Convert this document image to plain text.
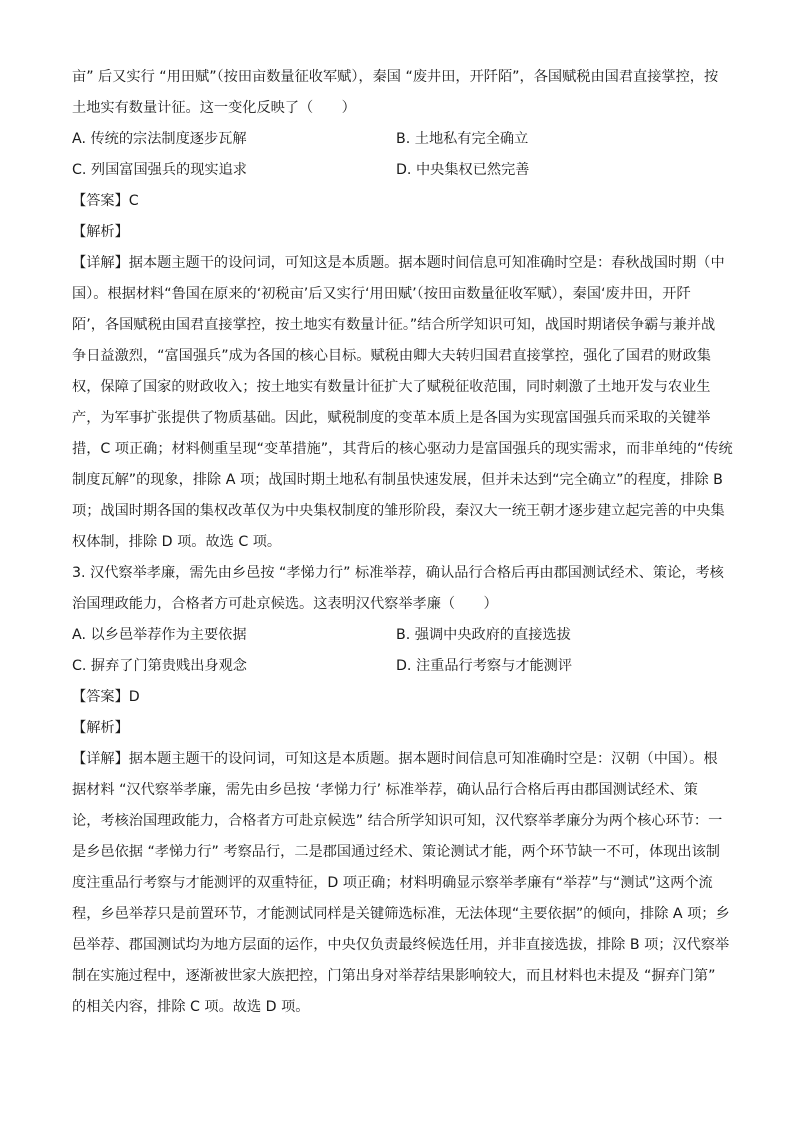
亩” 后又实行 “用田赋”（按田亩数量征收军赋），秦国 “废井田，开阡陌”，各国赋税由国君直接掌控，按
土地实有数量计征。这一变化反映了（　　）
A. 传统的宗法制度逐步瓦解	B. 土地私有完全确立
C. 列国富国强兵的现实追求	D. 中央集权已然完善
【答案】C
【解析】
【详解】据本题主题干的设问词，可知这是本质题。据本题时间信息可知准确时空是：春秋战国时期（中
国）。根据材料“鲁国在原来的‘初税亩’后又实行‘用田赋’（按田亩数量征收军赋），秦国‘废井田，开阡
陌’，各国赋税由国君直接掌控，按土地实有数量计征。”结合所学知识可知，战国时期诸侯争霸与兼并战
争日益激烈，“富国强兵”成为各国的核心目标。赋税由卿大夫转归国君直接掌控，强化了国君的财政集
权，保障了国家的财政收入；按土地实有数量计征扩大了赋税征收范围，同时刺激了土地开发与农业生
产，为军事扩张提供了物质基础。因此，赋税制度的变革本质上是各国为实现富国强兵而采取的关键举
措，C 项正确；材料侧重呈现“变革措施”，其背后的核心驱动力是富国强兵的现实需求，而非单纯的“传统
制度瓦解”的现象，排除 A 项；战国时期土地私有制虽快速发展，但并未达到“完全确立”的程度，排除 B
项；战国时期各国的集权改革仅为中央集权制度的雏形阶段，秦汉大一统王朝才逐步建立起完善的中央集
权体制，排除 D 项。故选 C 项。
3. 汉代察举孝廉，需先由乡邑按 “孝悌力行” 标准举荐，确认品行合格后再由郡国测试经术、策论，考核
治国理政能力，合格者方可赴京候选。这表明汉代察举孝廉（　　）
A. 以乡邑举荐作为主要依据	B. 强调中央政府的直接选拔
C. 摒弃了门第贵贱出身观念	D. 注重品行考察与才能测评
【答案】D
【解析】
【详解】据本题主题干的设问词，可知这是本质题。据本题时间信息可知准确时空是：汉朝（中国）。根
据材料 “汉代察举孝廉，需先由乡邑按 ‘孝悌力行’ 标准举荐，确认品行合格后再由郡国测试经术、策
论，考核治国理政能力，合格者方可赴京候选” 结合所学知识可知，汉代察举孝廉分为两个核心环节：一
是乡邑依据 “孝悌力行” 考察品行，二是郡国通过经术、策论测试才能，两个环节缺一不可，体现出该制
度注重品行考察与才能测评的双重特征，D 项正确；材料明确显示察举孝廉有“举荐”与“测试”这两个流
程，乡邑举荐只是前置环节，才能测试同样是关键筛选标准，无法体现“主要依据”的倾向，排除 A 项；乡
邑举荐、郡国测试均为地方层面的运作，中央仅负责最终候选任用，并非直接选拔，排除 B 项；汉代察举
制在实施过程中，逐渐被世家大族把控，门第出身对举荐结果影响较大，而且材料也未提及 “摒弃门第”
的相关内容，排除 C 项。故选 D 项。
